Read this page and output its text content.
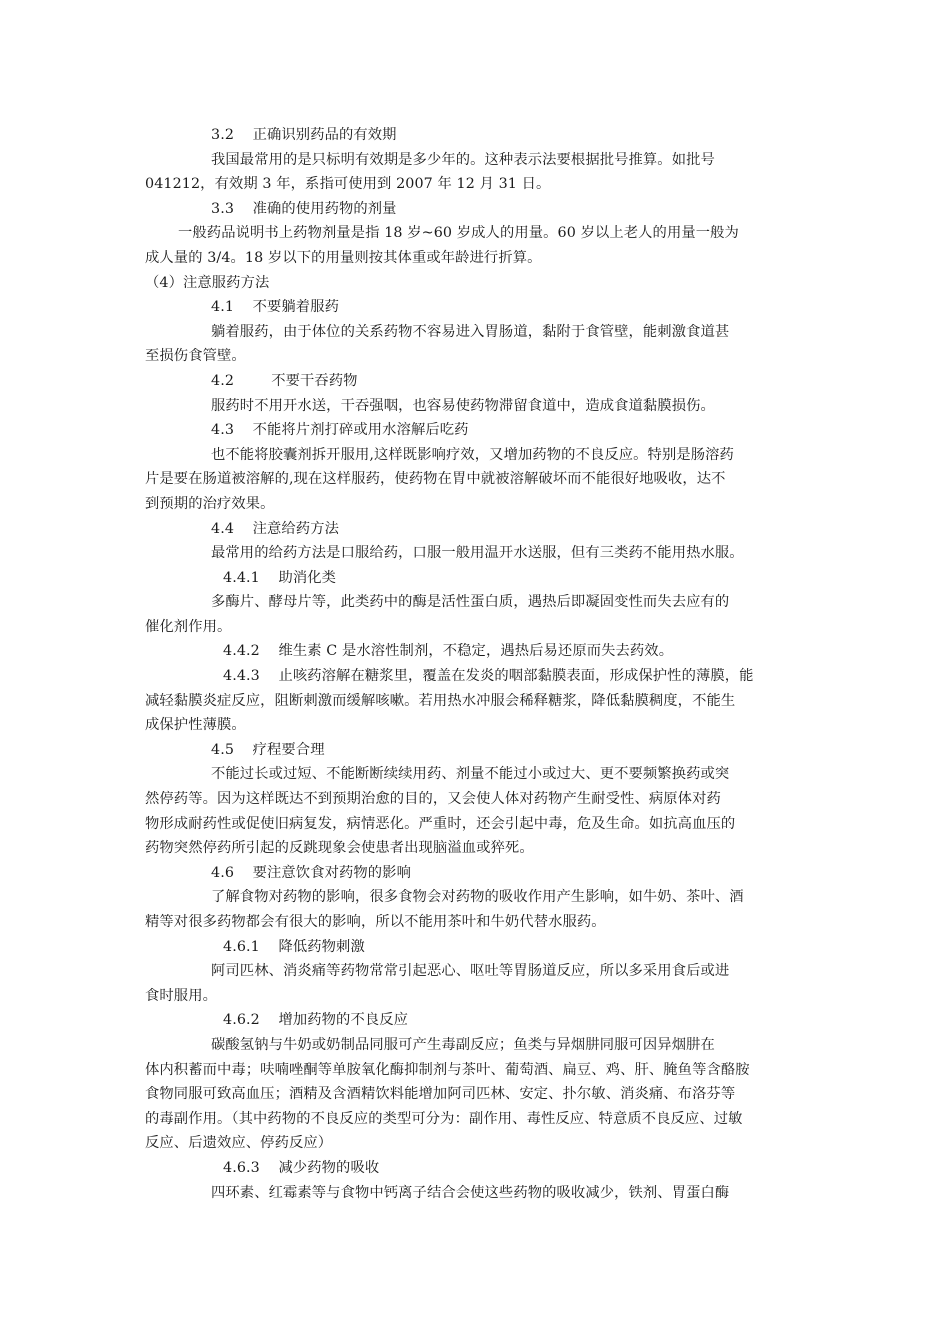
3.2    正确识别药品的有效期
我国最常用的是只标明有效期是多少年的。这种表示法要根据批号推算。如批号
041212，有效期 3 年，系指可使用到 2007 年 12 月 31 日。
3.3    准确的使用药物的剂量
一般药品说明书上药物剂量是指 18 岁~60 岁成人的用量。60 岁以上老人的用量一般为
成人量的 3/4。18 岁以下的用量则按其体重或年龄进行折算。
（4）注意服药方法
4.1    不要躺着服药
躺着服药，由于体位的关系药物不容易进入胃肠道，黏附于食管壁，能刺激食道甚
至损伤食管壁。
4.2        不要干吞药物
服药时不用开水送，干吞强咽，也容易使药物滞留食道中，造成食道黏膜损伤。
4.3    不能将片剂打碎或用水溶解后吃药
也不能将胶囊剂拆开服用,这样既影响疗效，又增加药物的不良反应。特别是肠溶药
片是要在肠道被溶解的,现在这样服药，使药物在胃中就被溶解破坏而不能很好地吸收，达不
到预期的治疗效果。
4.4    注意给药方法
最常用的给药方法是口服给药，口服一般用温开水送服，但有三类药不能用热水服。
4.4.1    助消化类
多酶片、酵母片等，此类药中的酶是活性蛋白质，遇热后即凝固变性而失去应有的
催化剂作用。
4.4.2    维生素 C 是水溶性制剂，不稳定，遇热后易还原而失去药效。
4.4.3    止咳药溶解在糖浆里，覆盖在发炎的咽部黏膜表面，形成保护性的薄膜，能
减轻黏膜炎症反应，阻断刺激而缓解咳嗽。若用热水冲服会稀释糖浆，降低黏膜稠度，不能生
成保护性薄膜。
4.5    疗程要合理
不能过长或过短、不能断断续续用药、剂量不能过小或过大、更不要频繁换药或突
然停药等。因为这样既达不到预期治愈的目的，又会使人体对药物产生耐受性、病原体对药
物形成耐药性或促使旧病复发，病情恶化。严重时，还会引起中毒，危及生命。如抗高血压的
药物突然停药所引起的反跳现象会使患者出现脑溢血或猝死。
4.6    要注意饮食对药物的影响
了解食物对药物的影响，很多食物会对药物的吸收作用产生影响，如牛奶、茶叶、酒
精等对很多药物都会有很大的影响，所以不能用茶叶和牛奶代替水服药。
4.6.1    降低药物刺激
阿司匹林、消炎痛等药物常常引起恶心、呕吐等胃肠道反应，所以多采用食后或进
食时服用。
4.6.2    增加药物的不良反应
碳酸氢钠与牛奶或奶制品同服可产生毒副反应；鱼类与异烟肼同服可因异烟肼在
体内积蓄而中毒；呋喃唑酮等单胺氧化酶抑制剂与茶叶、葡萄酒、扁豆、鸡、肝、腌鱼等含酪胺
食物同服可致高血压；酒精及含酒精饮料能增加阿司匹林、安定、扑尔敏、消炎痛、布洛芬等
的毒副作用。（其中药物的不良反应的类型可分为：副作用、毒性反应、特意质不良反应、过敏
反应、后遗效应、停药反应）
4.6.3    减少药物的吸收
四环素、红霉素等与食物中钙离子结合会使这些药物的吸收减少，铁剂、胃蛋白酶
